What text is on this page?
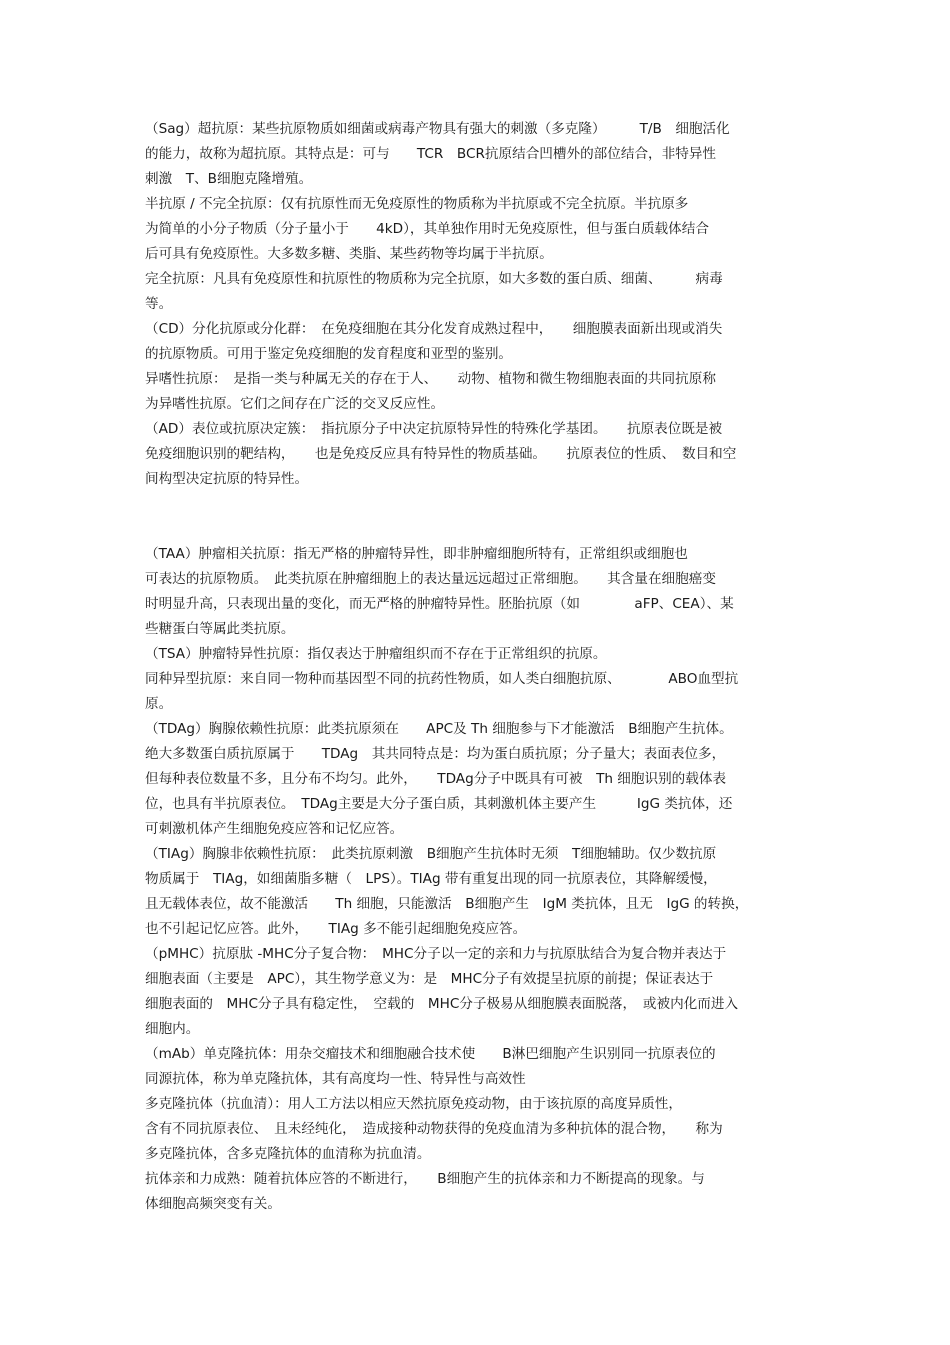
（Sag）超抗原：某些抗原物质如细菌或病毒产物具有强大的刺激（多克隆）　　　T/B　细胞活化
的能力，故称为超抗原。其特点是：可与　　TCR　BCR抗原结合凹槽外的部位结合，非特异性
刺激　T、B细胞克隆增殖。
半抗原 / 不完全抗原：仅有抗原性而无免疫原性的物质称为半抗原或不完全抗原。半抗原多
为简单的小分子物质（分子量小于　　4kD），其单独作用时无免疫原性，但与蛋白质载体结合
后可具有免疫原性。大多数多糖、类脂、某些药物等均属于半抗原。
完全抗原：凡具有免疫原性和抗原性的物质称为完全抗原，如大多数的蛋白质、细菌、　　　病毒
等。
（CD）分化抗原或分化群：　在免疫细胞在其分化发育成熟过程中，　　细胞膜表面新出现或消失
的抗原物质。可用于鉴定免疫细胞的发育程度和亚型的鉴别。
异嗜性抗原：　是指一类与种属无关的存在于人、　　动物、植物和微生物细胞表面的共同抗原称
为异嗜性抗原。它们之间存在广泛的交叉反应性。
（AD）表位或抗原决定簇：　指抗原分子中决定抗原特异性的特殊化学基团。　　抗原表位既是被
免疫细胞识别的靶结构，　　也是免疫反应具有特异性的物质基础。　　抗原表位的性质、　数目和空
间构型决定抗原的特异性。
（TAA）肿瘤相关抗原：指无严格的肿瘤特异性，即非肿瘤细胞所特有，正常组织或细胞也
可表达的抗原物质。　此类抗原在肿瘤细胞上的表达量远远超过正常细胞。　　其含量在细胞癌变
时明显升高，只表现出量的变化，而无严格的肿瘤特异性。胚胎抗原（如　　　　aFP、CEA）、某
些糖蛋白等属此类抗原。
（TSA）肿瘤特异性抗原：指仅表达于肿瘤组织而不存在于正常组织的抗原。
同种异型抗原：来自同一物种而基因型不同的抗药性物质，如人类白细胞抗原、　　　　ABO血型抗
原。
（TDAg）胸腺依赖性抗原：此类抗原须在　　APC及 Th 细胞参与下才能激活　B细胞产生抗体。
绝大多数蛋白质抗原属于　　TDAg　其共同特点是：均为蛋白质抗原；分子量大；表面表位多，
但每种表位数量不多，且分布不均匀。此外，　　TDAg分子中既具有可被　Th 细胞识别的载体表
位，也具有半抗原表位。　TDAg主要是大分子蛋白质，其刺激机体主要产生　　　IgG 类抗体，还
可刺激机体产生细胞免疫应答和记忆应答。
（TIAg）胸腺非依赖性抗原：　此类抗原刺激　B细胞产生抗体时无须　T细胞辅助。仅少数抗原
物质属于　TIAg，如细菌脂多糖（　LPS）。TIAg 带有重复出现的同一抗原表位，其降解缓慢，
且无载体表位，故不能激活　　Th 细胞，只能激活　B细胞产生　IgM 类抗体，且无　IgG 的转换，
也不引起记忆应答。此外，　　TIAg 多不能引起细胞免疫应答。
（pMHC）抗原肽 -MHC分子复合物：　MHC分子以一定的亲和力与抗原肽结合为复合物并表达于
细胞表面（主要是　APC），其生物学意义为：是　MHC分子有效提呈抗原的前提；保证表达于
细胞表面的　MHC分子具有稳定性，　空载的　MHC分子极易从细胞膜表面脱落，　或被内化而进入
细胞内。
（mAb）单克隆抗体：用杂交瘤技术和细胞融合技术使　　B淋巴细胞产生识别同一抗原表位的
同源抗体，称为单克隆抗体，其有高度均一性、特异性与高效性
多克隆抗体（抗血清）：用人工方法以相应天然抗原免疫动物，由于该抗原的高度异质性，
含有不同抗原表位、　且未经纯化，　造成接种动物获得的免疫血清为多种抗体的混合物，　　称为
多克隆抗体，含多克隆抗体的血清称为抗血清。
抗体亲和力成熟：随着抗体应答的不断进行，　　B细胞产生的抗体亲和力不断提高的现象。与
体细胞高频突变有关。
